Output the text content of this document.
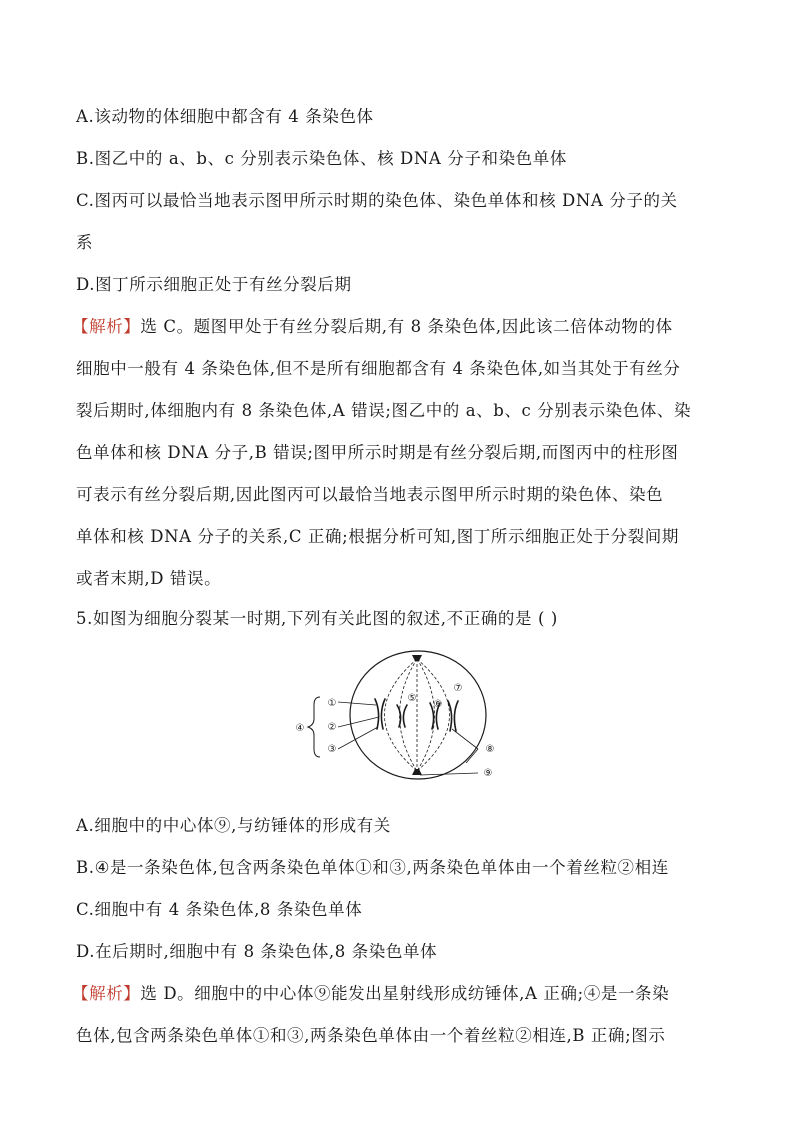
A.该动物的体细胞中都含有 4 条染色体
B.图乙中的 a、b、c 分别表示染色体、核 DNA 分子和染色单体
C.图丙可以最恰当地表示图甲所示时期的染色体、染色单体和核 DNA 分子的关
系
D.图丁所示细胞正处于有丝分裂后期
【解析】选 C。题图甲处于有丝分裂后期,有 8 条染色体,因此该二倍体动物的体
细胞中一般有 4 条染色体,但不是所有细胞都含有 4 条染色体,如当其处于有丝分
裂后期时,体细胞内有 8 条染色体,A 错误;图乙中的 a、b、c 分别表示染色体、染
色单体和核 DNA 分子,B 错误;图甲所示时期是有丝分裂后期,而图丙中的柱形图
可表示有丝分裂后期,因此图丙可以最恰当地表示图甲所示时期的染色体、染色
单体和核 DNA 分子的关系,C 正确;根据分析可知,图丁所示细胞正处于分裂间期
或者末期,D 错误。
5.如图为细胞分裂某一时期,下列有关此图的叙述,不正确的是 ( )
①
②
③
④
⑤
⑥
⑦
⑧
⑨
A.细胞中的中心体⑨,与纺锤体的形成有关
B.④是一条染色体,包含两条染色单体①和③,两条染色单体由一个着丝粒②相连
C.细胞中有 4 条染色体,8 条染色单体
D.在后期时,细胞中有 8 条染色体,8 条染色单体
【解析】选 D。细胞中的中心体⑨能发出星射线形成纺锤体,A 正确;④是一条染
色体,包含两条染色单体①和③,两条染色单体由一个着丝粒②相连,B 正确;图示
